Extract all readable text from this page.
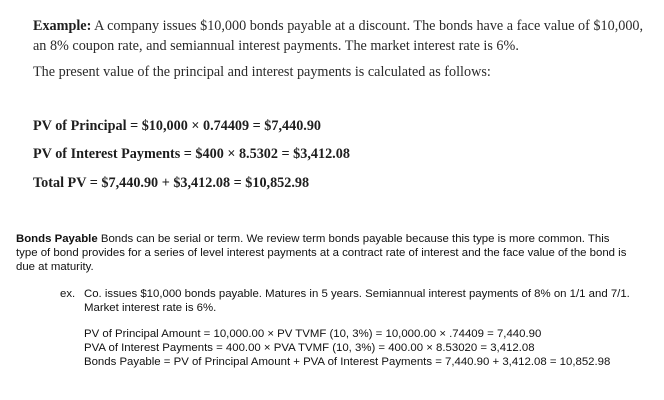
Example: A company issues $10,000 bonds payable at a discount. The bonds have a face value of $10,000,
an 8% coupon rate, and semiannual interest payments. The market interest rate is 6%.
The present value of the principal and interest payments is calculated as follows:
PV of Principal = $10,000 × 0.74409 = $7,440.90
PV of Interest Payments = $400 × 8.5302 = $3,412.08
Total PV = $7,440.90 + $3,412.08 = $10,852.98
Bonds Payable Bonds can be serial or term. We review term bonds payable because this type is more common. This
type of bond provides for a series of level interest payments at a contract rate of interest and the face value of the bond is
due at maturity.
ex. Co. issues $10,000 bonds payable. Matures in 5 years. Semiannual interest payments of 8% on 1/1 and 7/1.
Market interest rate is 6%.
PV of Principal Amount = 10,000.00 × PV TVMF (10, 3%) = 10,000.00 × .74409 = 7,440.90
PVA of Interest Payments = 400.00 × PVA TVMF (10, 3%) = 400.00 × 8.53020 = 3,412.08
Bonds Payable = PV of Principal Amount + PVA of Interest Payments = 7,440.90 + 3,412.08 = 10,852.98
